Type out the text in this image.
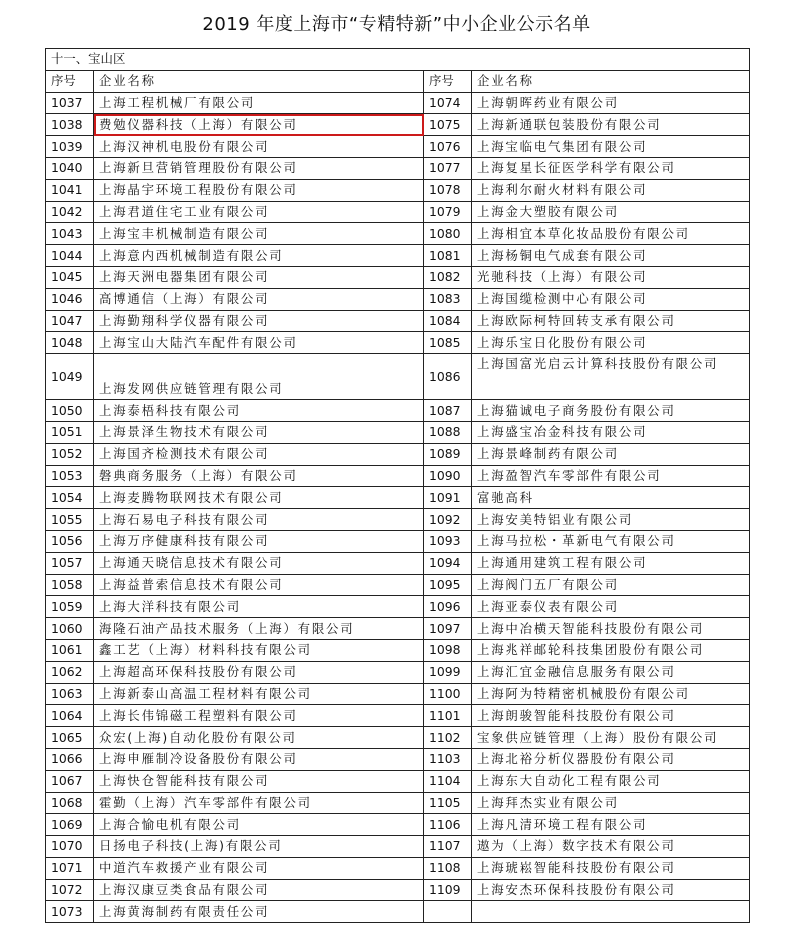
2019 年度上海市“专精特新”中小企业公示名单
十一、宝山区			
序号	企业名称	序号	企业名称
1037	上海工程机械厂有限公司	1074	上海朝晖药业有限公司
1038	费勉仪器科技（上海）有限公司	1075	上海新通联包装股份有限公司
1039	上海汉神机电股份有限公司	1076	上海宝临电气集团有限公司
1040	上海新旦营销管理股份有限公司	1077	上海复星长征医学科学有限公司
1041	上海晶宇环境工程股份有限公司	1078	上海利尔耐火材料有限公司
1042	上海君道住宅工业有限公司	1079	上海金大塑胶有限公司
1043	上海宝丰机械制造有限公司	1080	上海相宜本草化妆品股份有限公司
1044	上海意内西机械制造有限公司	1081	上海杨铜电气成套有限公司
1045	上海天洲电器集团有限公司	1082	光驰科技（上海）有限公司
1046	高博通信（上海）有限公司	1083	上海国缆检测中心有限公司
1047	上海勤翔科学仪器有限公司	1084	上海欧际柯特回转支承有限公司
1048	上海宝山大陆汽车配件有限公司	1085	上海乐宝日化股份有限公司
1049	上海发网供应链管理有限公司	1086	上海国富光启云计算科技股份有限公司
1050	上海泰梧科技有限公司	1087	上海猫诚电子商务股份有限公司
1051	上海景泽生物技术有限公司	1088	上海盛宝冶金科技有限公司
1052	上海国齐检测技术有限公司	1089	上海景峰制药有限公司
1053	磐典商务服务（上海）有限公司	1090	上海盈智汽车零部件有限公司
1054	上海麦腾物联网技术有限公司	1091	富驰高科
1055	上海石易电子科技有限公司	1092	上海安美特铝业有限公司
1056	上海万序健康科技有限公司	1093	上海马拉松・革新电气有限公司
1057	上海通天晓信息技术有限公司	1094	上海通用建筑工程有限公司
1058	上海益普索信息技术有限公司	1095	上海阀门五厂有限公司
1059	上海大洋科技有限公司	1096	上海亚泰仪表有限公司
1060	海隆石油产品技术服务（上海）有限公司	1097	上海中冶横天智能科技股份有限公司
1061	鑫工艺（上海）材料科技有限公司	1098	上海兆祥邮轮科技集团股份有限公司
1062	上海超高环保科技股份有限公司	1099	上海汇宜金融信息服务有限公司
1063	上海新泰山高温工程材料有限公司	1100	上海阿为特精密机械股份有限公司
1064	上海长伟锦磁工程塑料有限公司	1101	上海朗骏智能科技股份有限公司
1065	众宏(上海)自动化股份有限公司	1102	宝象供应链管理（上海）股份有限公司
1066	上海申雁制冷设备股份有限公司	1103	上海北裕分析仪器股份有限公司
1067	上海快仓智能科技有限公司	1104	上海东大自动化工程有限公司
1068	霍勤（上海）汽车零部件有限公司	1105	上海拜杰实业有限公司
1069	上海合愉电机有限公司	1106	上海凡清环境工程有限公司
1070	日扬电子科技(上海)有限公司	1107	遨为（上海）数字技术有限公司
1071	中道汽车救援产业有限公司	1108	上海琥崧智能科技股份有限公司
1072	上海汉康豆类食品有限公司	1109	上海安杰环保科技股份有限公司
1073	上海黄海制药有限责任公司		
